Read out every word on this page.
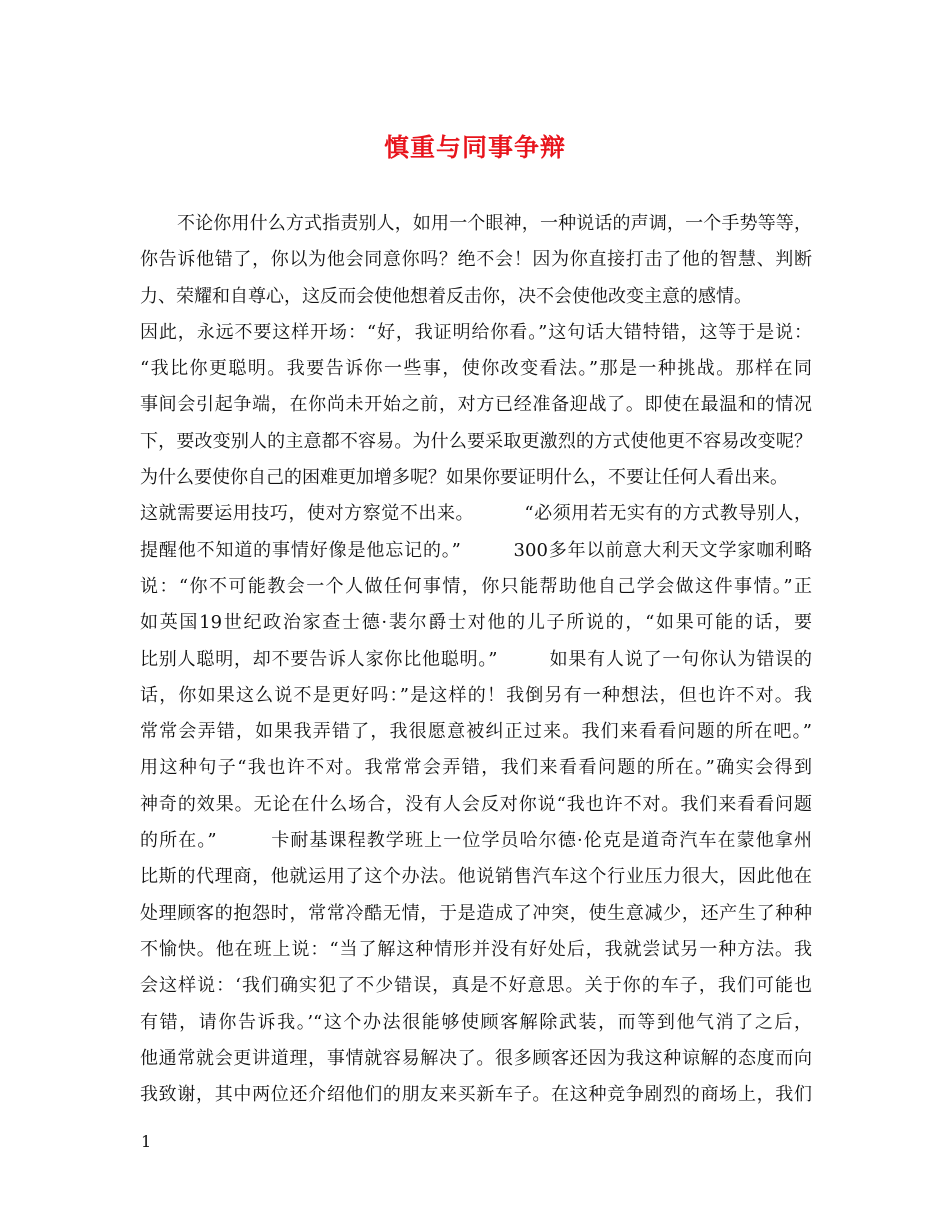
慎重与同事争辩
不论你用什么方式指责别人，如用一个眼神，一种说话的声调，一个手势等等，
你告诉他错了，你以为他会同意你吗？绝不会！因为你直接打击了他的智慧、判断
力、荣耀和自尊心，这反而会使他想着反击你，决不会使他改变主意的感情。
因此，永远不要这样开场：“好，我证明给你看。”这句话大错特错，这等于是说：
“我比你更聪明。我要告诉你一些事，使你改变看法。”那是一种挑战。那样在同
事间会引起争端，在你尚未开始之前，对方已经准备迎战了。即使在最温和的情况
下，要改变别人的主意都不容易。为什么要采取更激烈的方式使他更不容易改变呢？
为什么要使你自己的困难更加增多呢？如果你要证明什么，不要让任何人看出来。
这就需要运用技巧，使对方察觉不出来。        “必须用若无实有的方式教导别人，
提醒他不知道的事情好像是他忘记的。”        300多年以前意大利天文学家咖利略
说：“你不可能教会一个人做任何事情，你只能帮助他自己学会做这件事情。”正
如英国19世纪政治家查士德·裴尔爵士对他的儿子所说的，“如果可能的话，要
比别人聪明，却不要告诉人家你比他聪明。”        如果有人说了一句你认为错误的
话，你如果这么说不是更好吗：”是这样的！我倒另有一种想法，但也许不对。我
常常会弄错，如果我弄错了，我很愿意被纠正过来。我们来看看问题的所在吧。”
用这种句子“我也许不对。我常常会弄错，我们来看看问题的所在。”确实会得到
神奇的效果。无论在什么场合，没有人会反对你说“我也许不对。我们来看看问题
的所在。”        卡耐基课程教学班上一位学员哈尔德·伦克是道奇汽车在蒙他拿州
比斯的代理商，他就运用了这个办法。他说销售汽车这个行业压力很大，因此他在
处理顾客的抱怨时，常常冷酷无情，于是造成了冲突，使生意减少，还产生了种种
不愉快。他在班上说：“当了解这种情形并没有好处后，我就尝试另一种方法。我
会这样说：‘我们确实犯了不少错误，真是不好意思。关于你的车子，我们可能也
有错，请你告诉我。’“这个办法很能够使顾客解除武装，而等到他气消了之后，
他通常就会更讲道理，事情就容易解决了。很多顾客还因为我这种谅解的态度而向
我致谢，其中两位还介绍他们的朋友来买新车子。在这种竞争剧烈的商场上，我们
1
